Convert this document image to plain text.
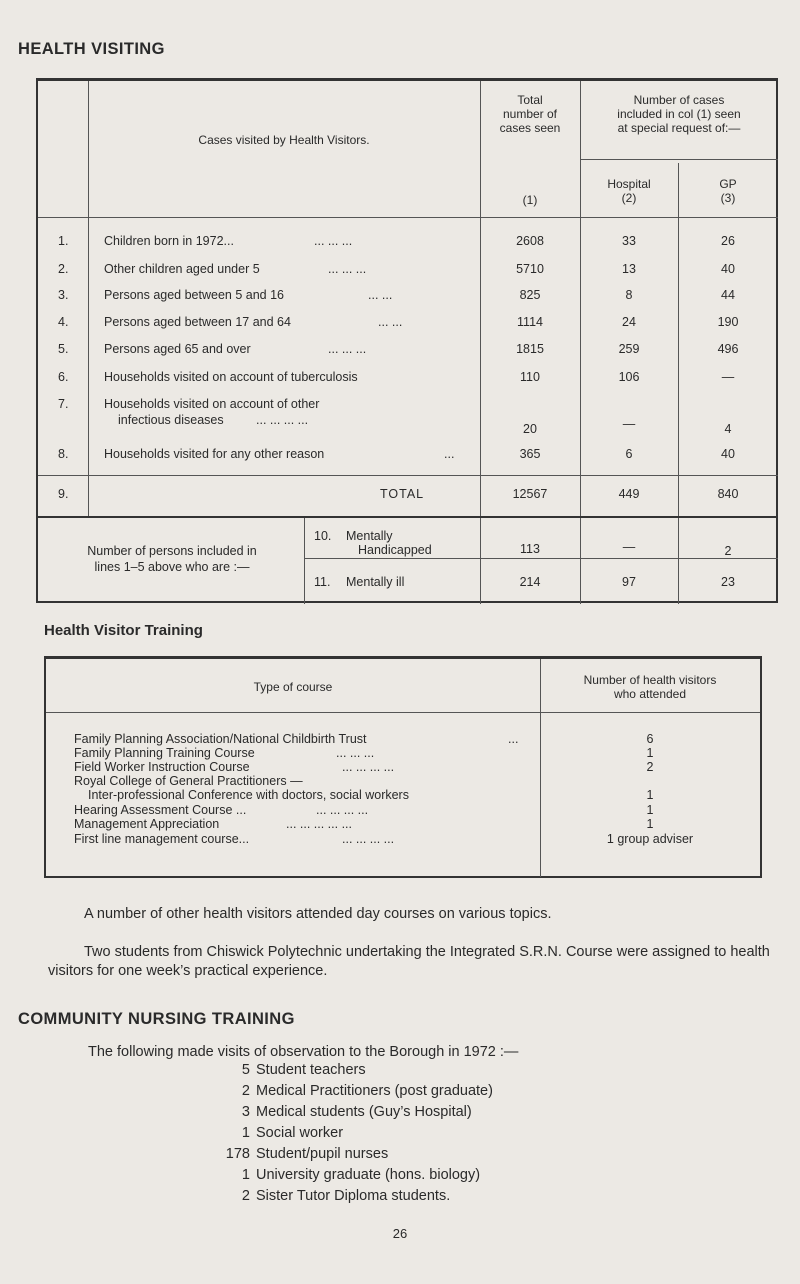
HEALTH VISITING
Cases visited by Health Visitors.
Total
number of
cases seen
Number of cases
included in col (1) seen
at special request of:—
(1)
Hospital
(2)
GP
(3)
1.	Children born in 1972...	... ... ...	2608	33	26
2.	Other children aged under 5	... ... ...	5710	13	40
3.	Persons aged between 5 and 16	... ...	825	8	44
4.	Persons aged between 17 and 64	... ...	1114	24	190
5.	Persons aged 65 and over	... ... ...	1815	259	496
6.	Households visited on account of tuberculosis	110	106	—
7.	Households visited on account of other
infectious diseases	... ... ... ...
20	—	4
8.	Households visited for any other reason	...	365	6	40
9.	TOTAL	12567	449	840
Number of persons included in
lines 1–5 above who are :—
10. Mentally
Handicapped	113	—	2
11. Mentally ill	214	97	23
Health Visitor Training
Type of course	Number of health visitors
who attended
Family Planning Association/National Childbirth Trust	...	6
Family Planning Training Course	... ... ...	1
Field Worker Instruction Course	... ... ... ...	2
Royal College of General Practitioners —
Inter-professional Conference with doctors, social workers	1
Hearing Assessment Course ...	... ... ... ...	1
Management Appreciation	... ... ... ... ...	1
First line management course...	... ... ... ...	1 group adviser
A number of other health visitors attended day courses on various topics.
Two students from Chiswick Polytechnic undertaking the Integrated S.R.N. Course were assigned to health visitors for one week’s practical experience.
COMMUNITY NURSING TRAINING
The following made visits of observation to the Borough in 1972 :—
5 Student teachers
2 Medical Practitioners (post graduate)
3 Medical students (Guy’s Hospital)
1 Social worker
178 Student/pupil nurses
1 University graduate (hons. biology)
2 Sister Tutor Diploma students.
26
